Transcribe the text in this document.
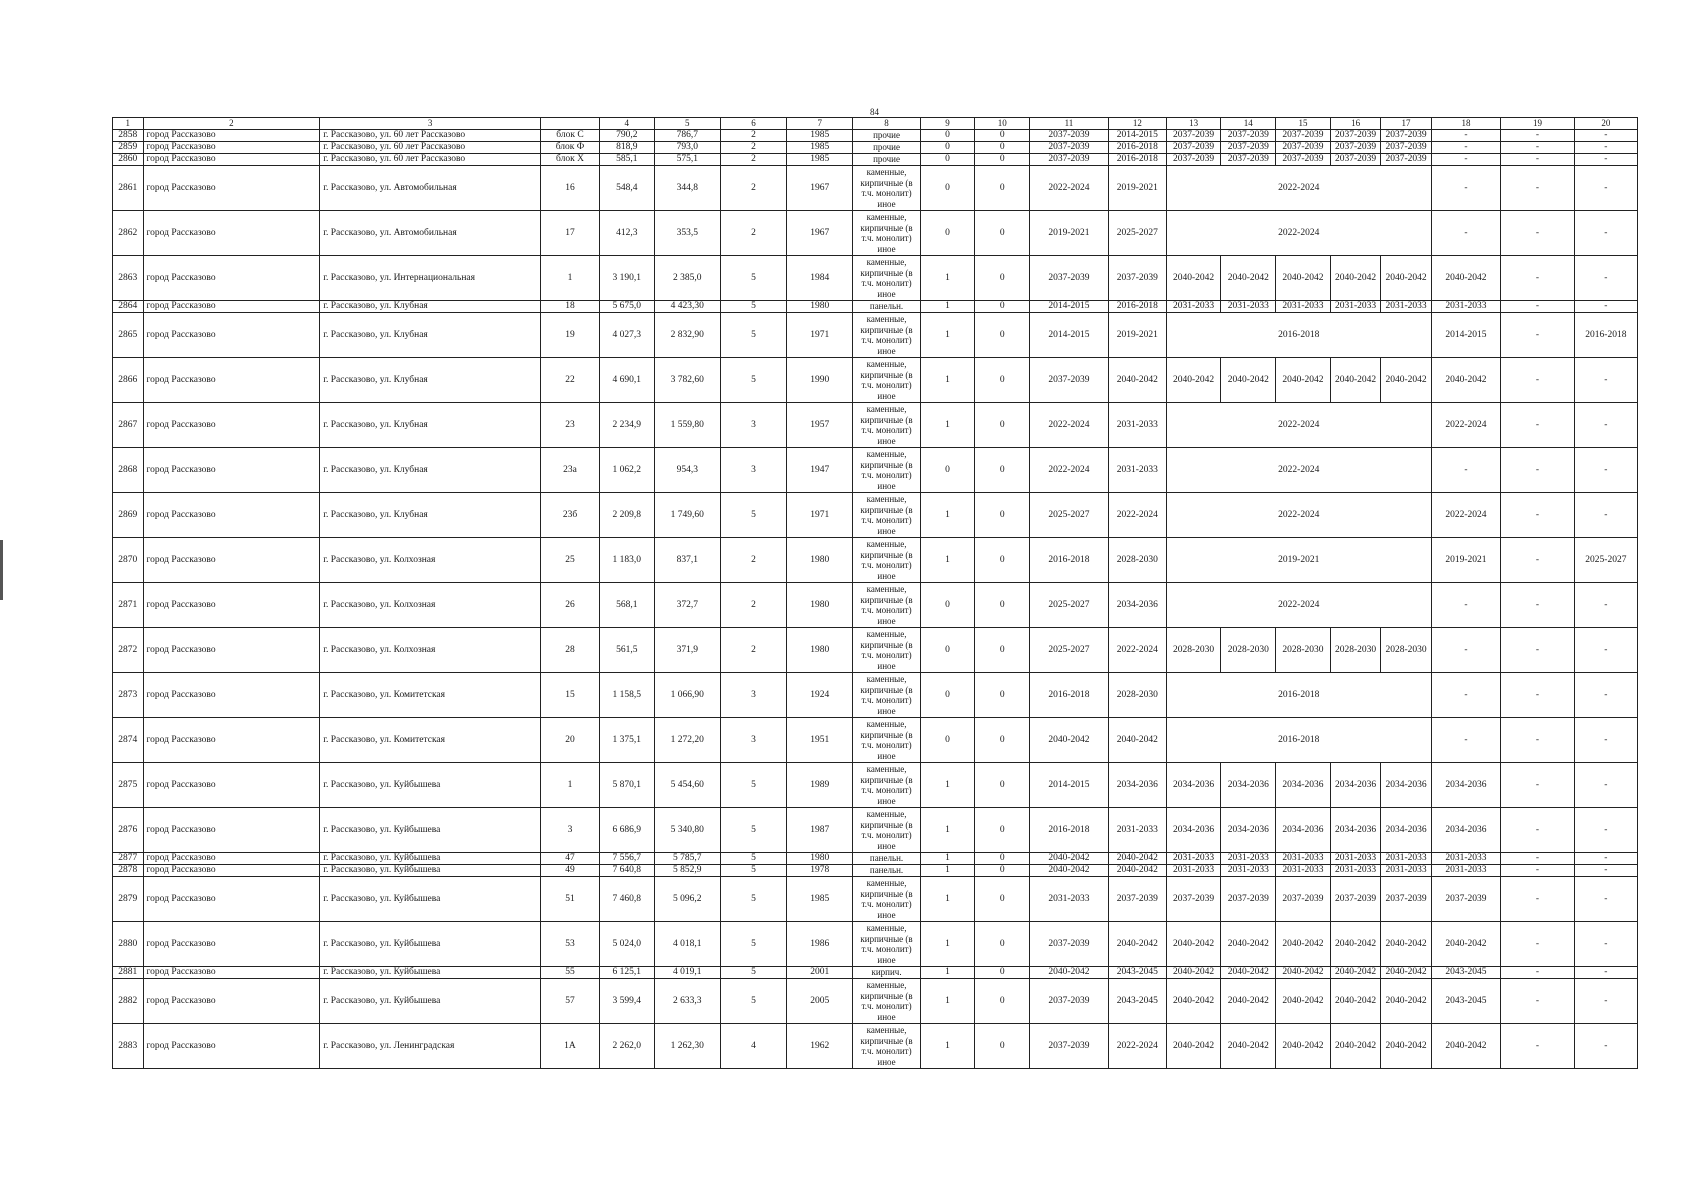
84
1	2	3		4	5	6	7	8	9	10	11	12	13	14	15	16	17	18	19	20
2858	город Рассказово	г. Рассказово, ул. 60 лет Рассказово	блок С	790,2	786,7	2	1985	прочие	0	0	2037-2039	2014-2015	2037-2039	2037-2039	2037-2039	2037-2039	2037-2039	-	-	-
2859	город Рассказово	г. Рассказово, ул. 60 лет Рассказово	блок Ф	818,9	793,0	2	1985	прочие	0	0	2037-2039	2016-2018	2037-2039	2037-2039	2037-2039	2037-2039	2037-2039	-	-	-
2860	город Рассказово	г. Рассказово, ул. 60 лет Рассказово	блок Х	585,1	575,1	2	1985	прочие	0	0	2037-2039	2016-2018	2037-2039	2037-2039	2037-2039	2037-2039	2037-2039	-	-	-
2861	город Рассказово	г. Рассказово, ул. Автомобильная	16	548,4	344,8	2	1967	каменные, кирпичные (в т.ч. монолит) иное	0	0	2022-2024	2019-2021	2022-2024					-	-	-
2862	город Рассказово	г. Рассказово, ул. Автомобильная	17	412,3	353,5	2	1967	каменные, кирпичные (в т.ч. монолит) иное	0	0	2019-2021	2025-2027	2022-2024					-	-	-
2863	город Рассказово	г. Рассказово, ул. Интернациональная	1	3 190,1	2 385,0	5	1984	каменные, кирпичные (в т.ч. монолит) иное	1	0	2037-2039	2037-2039	2040-2042	2040-2042	2040-2042	2040-2042	2040-2042	2040-2042	-	-
2864	город Рассказово	г. Рассказово, ул. Клубная	18	5 675,0	4 423,30	5	1980	панельн.	1	0	2014-2015	2016-2018	2031-2033	2031-2033	2031-2033	2031-2033	2031-2033	2031-2033	-	-
2865	город Рассказово	г. Рассказово, ул. Клубная	19	4 027,3	2 832,90	5	1971	каменные, кирпичные (в т.ч. монолит) иное	1	0	2014-2015	2019-2021	2016-2018					2014-2015	-	2016-2018
2866	город Рассказово	г. Рассказово, ул. Клубная	22	4 690,1	3 782,60	5	1990	каменные, кирпичные (в т.ч. монолит) иное	1	0	2037-2039	2040-2042	2040-2042	2040-2042	2040-2042	2040-2042	2040-2042	2040-2042	-	-
2867	город Рассказово	г. Рассказово, ул. Клубная	23	2 234,9	1 559,80	3	1957	каменные, кирпичные (в т.ч. монолит) иное	1	0	2022-2024	2031-2033	2022-2024					2022-2024	-	-
2868	город Рассказово	г. Рассказово, ул. Клубная	23а	1 062,2	954,3	3	1947	каменные, кирпичные (в т.ч. монолит) иное	0	0	2022-2024	2031-2033	2022-2024					-	-	-
2869	город Рассказово	г. Рассказово, ул. Клубная	23б	2 209,8	1 749,60	5	1971	каменные, кирпичные (в т.ч. монолит) иное	1	0	2025-2027	2022-2024	2022-2024					2022-2024	-	-
2870	город Рассказово	г. Рассказово, ул. Колхозная	25	1 183,0	837,1	2	1980	каменные, кирпичные (в т.ч. монолит) иное	1	0	2016-2018	2028-2030	2019-2021					2019-2021	-	2025-2027
2871	город Рассказово	г. Рассказово, ул. Колхозная	26	568,1	372,7	2	1980	каменные, кирпичные (в т.ч. монолит) иное	0	0	2025-2027	2034-2036	2022-2024					-	-	-
2872	город Рассказово	г. Рассказово, ул. Колхозная	28	561,5	371,9	2	1980	каменные, кирпичные (в т.ч. монолит) иное	0	0	2025-2027	2022-2024	2028-2030	2028-2030	2028-2030	2028-2030	2028-2030	-	-	-
2873	город Рассказово	г. Рассказово, ул. Комитетская	15	1 158,5	1 066,90	3	1924	каменные, кирпичные (в т.ч. монолит) иное	0	0	2016-2018	2028-2030	2016-2018					-	-	-
2874	город Рассказово	г. Рассказово, ул. Комитетская	20	1 375,1	1 272,20	3	1951	каменные, кирпичные (в т.ч. монолит) иное	0	0	2040-2042	2040-2042	2016-2018					-	-	-
2875	город Рассказово	г. Рассказово, ул. Куйбышева	1	5 870,1	5 454,60	5	1989	каменные, кирпичные (в т.ч. монолит) иное	1	0	2014-2015	2034-2036	2034-2036	2034-2036	2034-2036	2034-2036	2034-2036	2034-2036	-	-
2876	город Рассказово	г. Рассказово, ул. Куйбышева	3	6 686,9	5 340,80	5	1987	каменные, кирпичные (в т.ч. монолит) иное	1	0	2016-2018	2031-2033	2034-2036	2034-2036	2034-2036	2034-2036	2034-2036	2034-2036	-	-
2877	город Рассказово	г. Рассказово, ул. Куйбышева	47	7 556,7	5 785,7	5	1980	панельн.	1	0	2040-2042	2040-2042	2031-2033	2031-2033	2031-2033	2031-2033	2031-2033	2031-2033	-	-
2878	город Рассказово	г. Рассказово, ул. Куйбышева	49	7 640,8	5 852,9	5	1978	панельн.	1	0	2040-2042	2040-2042	2031-2033	2031-2033	2031-2033	2031-2033	2031-2033	2031-2033	-	-
2879	город Рассказово	г. Рассказово, ул. Куйбышева	51	7 460,8	5 096,2	5	1985	каменные, кирпичные (в т.ч. монолит) иное	1	0	2031-2033	2037-2039	2037-2039	2037-2039	2037-2039	2037-2039	2037-2039	2037-2039	-	-
2880	город Рассказово	г. Рассказово, ул. Куйбышева	53	5 024,0	4 018,1	5	1986	каменные, кирпичные (в т.ч. монолит) иное	1	0	2037-2039	2040-2042	2040-2042	2040-2042	2040-2042	2040-2042	2040-2042	2040-2042	-	-
2881	город Рассказово	г. Рассказово, ул. Куйбышева	55	6 125,1	4 019,1	5	2001	кирпич.	1	0	2040-2042	2043-2045	2040-2042	2040-2042	2040-2042	2040-2042	2040-2042	2043-2045	-	-
2882	город Рассказово	г. Рассказово, ул. Куйбышева	57	3 599,4	2 633,3	5	2005	каменные, кирпичные (в т.ч. монолит) иное	1	0	2037-2039	2043-2045	2040-2042	2040-2042	2040-2042	2040-2042	2040-2042	2043-2045	-	-
2883	город Рассказово	г. Рассказово, ул. Ленинградская	1А	2 262,0	1 262,30	4	1962	каменные, кирпичные (в т.ч. монолит) иное	1	0	2037-2039	2022-2024	2040-2042	2040-2042	2040-2042	2040-2042	2040-2042	2040-2042	-	-
